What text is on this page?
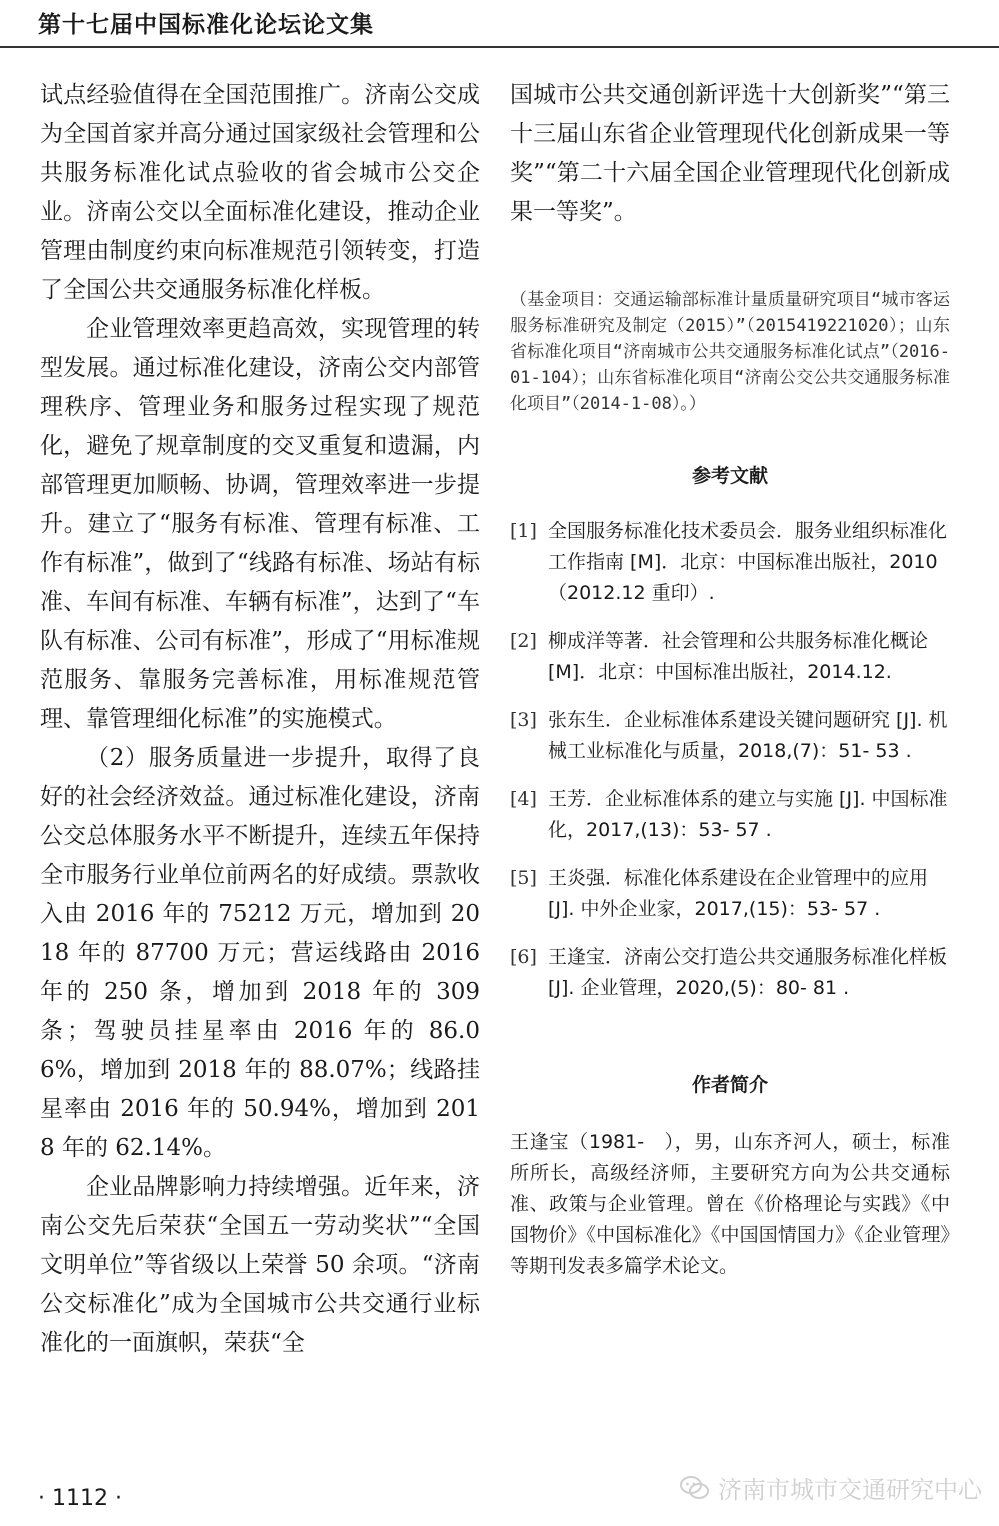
第十七届中国标准化论坛论文集

试点经验值得在全国范围推广。济南公交成为全国首家并高分通过国家级社会管理和公共服务标准化试点验收的省会城市公交企业。济南公交以全面标准化建设，推动企业管理由制度约束向标准规范引领转变，打造了全国公共交通服务标准化样板。

企业管理效率更趋高效，实现管理的转型发展。通过标准化建设，济南公交内部管理秩序、管理业务和服务过程实现了规范化，避免了规章制度的交叉重复和遗漏，内部管理更加顺畅、协调，管理效率进一步提升。建立了“服务有标准、管理有标准、工作有标准”，做到了“线路有标准、场站有标准、车间有标准、车辆有标准”，达到了“车队有标准、公司有标准”，形成了“用标准规范服务、靠服务完善标准，用标准规范管理、靠管理细化标准”的实施模式。

（2）服务质量进一步提升，取得了良好的社会经济效益。通过标准化建设，济南公交总体服务水平不断提升，连续五年保持全市服务行业单位前两名的好成绩。票款收入由 2016 年的 75212 万元，增加到 2018 年的 87700 万元；营运线路由 2016 年的 250 条，增加到 2018 年的 309 条；驾驶员挂星率由 2016 年的 86.06%，增加到 2018 年的 88.07%；线路挂星率由 2016 年的 50.94%，增加到 2018 年的 62.14%。

企业品牌影响力持续增强。近年来，济南公交先后荣获“全国五一劳动奖状”“全国文明单位”等省级以上荣誉 50 余项。“济南公交标准化”成为全国城市公共交通行业标准化的一面旗帜，荣获“全

国城市公共交通创新评选十大创新奖”“第三十三届山东省企业管理现代化创新成果一等奖”“第二十六届全国企业管理现代化创新成果一等奖”。

（基金项目：交通运输部标准计量质量研究项目“城市客运服务标准研究及制定（2015）”（2015419221020）；山东省标准化项目“济南城市公共交通服务标准化试点”（2016-01-104）；山东省标准化项目“济南公交公共交通服务标准化项目”（2014-1-08）。）

参考文献
[1] 全国服务标准化技术委员会．服务业组织标准化工作指南 [M]．北京：中国标准出版社，2010（2012.12 重印）.
[2] 柳成洋等著．社会管理和公共服务标准化概论 [M]．北京：中国标准出版社，2014.12.
[3] 张东生．企业标准体系建设关键问题研究 [J]. 机械工业标准化与质量，2018,(7)：51- 53 .
[4] 王芳．企业标准体系的建立与实施 [J]. 中国标准化，2017,(13)：53- 57 .
[5] 王炎强．标准化体系建设在企业管理中的应用 [J]. 中外企业家，2017,(15)：53- 57 .
[6] 王逢宝．济南公交打造公共交通服务标准化样板 [J]. 企业管理，2020,(5)：80- 81 .
作者简介

王逢宝（1981-　），男，山东齐河人，硕士，标准所所长，高级经济师，主要研究方向为公共交通标准、政策与企业管理。曾在《价格理论与实践》《中国物价》《中国标准化》《中国国情国力》《企业管理》等期刊发表多篇学术论文。

· 1112 ·	济南市城市交通研究中心
